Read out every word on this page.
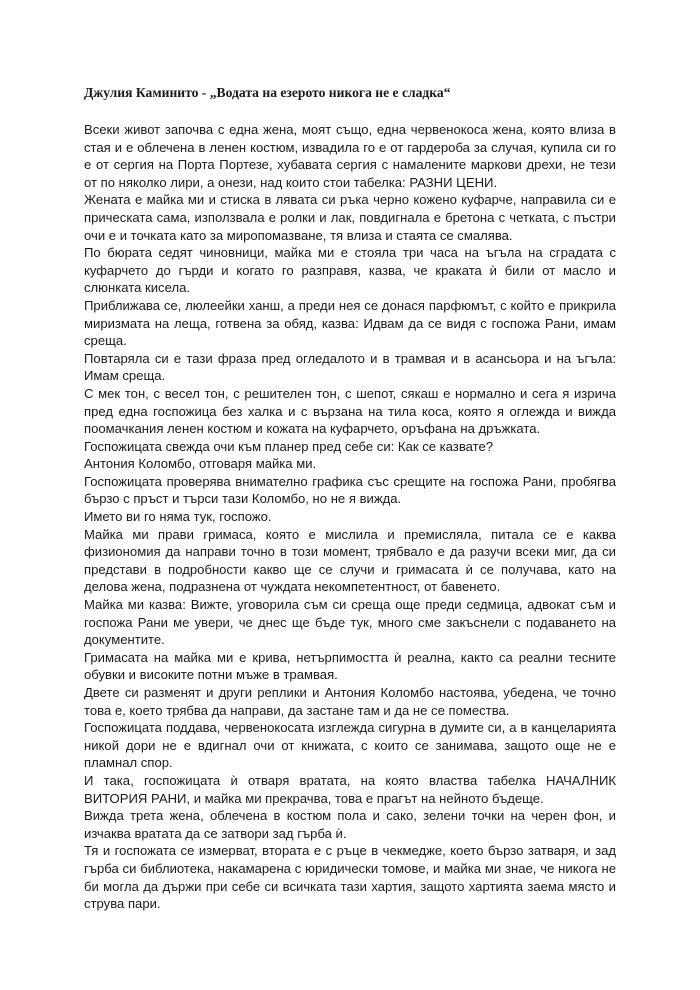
Джулия Каминито - „Водата на езерото никога не е сладка“

Всеки живот започва с една жена, моят също, една червенокоса жена, която влиза в стая и е облечена в ленен костюм, извадила го е от гардероба за случая, купила си го е от сергия на Порта Портезе, хубавата сергия с намалените маркови дрехи, не тези от по няколко лири, а онези, над които стои табелка: РАЗНИ ЦЕНИ.

Жената е майка ми и стиска в лявата си ръка черно кожено куфарче, направила си е прическата сама, използвала е ролки и лак, повдигнала е бретона с четката, с пъстри очи е и точката като за миропомазване, тя влиза и стаята се смалява.

По бюрата седят чиновници, майка ми е стояла три часа на ъгъла на сградата с куфарчето до гърди и когато го разправя, казва, че краката ѝ били от масло и слюнката кисела.

Приближава се, люлеейки ханш, а преди нея се донася парфюмът, с който е прикрила миризмата на леща, готвена за обяд, казва: Идвам да се видя с госпожа Рани, имам среща.

Повтаряла си е тази фраза пред огледалото и в трамвая и в асансьора и на ъгъла: Имам среща.

С мек тон, с весел тон, с решителен тон, с шепот, сякаш е нормално и сега я изрича пред една госпожица без халка и с вързана на тила коса, която я оглежда и вижда поомачкания ленен костюм и кожата на куфарчето, оръфана на дръжката.

Госпожицата свежда очи към планер пред себе си: Как се казвате?

Антония Коломбо, отговаря майка ми.

Госпожицата проверява внимателно графика със срещите на госпожа Рани, пробягва бързо с пръст и търси тази Коломбо, но не я вижда.

Името ви го няма тук, госпожо.

Майка ми прави гримаса, която е мислила и премисляла, питала се е каква физиономия да направи точно в този момент, трябвало е да разучи всеки миг, да си представи в подробности какво ще се случи и гримасата ѝ се получава, като на делова жена, подразнена от чуждата некомпетентност, от бавенето.

Майка ми казва: Вижте, уговорила съм си среща още преди седмица, адвокат съм и госпожа Рани ме увери, че днес ще бъде тук, много сме закъснели с подаването на документите.

Гримасата на майка ми е крива, нетърпимостта ѝ реална, както са реални тесните обувки и високите потни мъже в трамвая.

Двете си разменят и други реплики и Антония Коломбо настоява, убедена, че точно това е, което трябва да направи, да застане там и да не се помества.

Госпожицата поддава, червенокосата изглежда сигурна в думите си, а в канцеларията никой дори не е вдигнал очи от книжата, с които се занимава, защото още не е пламнал спор.

И така, госпожицата ѝ отваря вратата, на която властва табелка НАЧАЛНИК ВИТОРИЯ РАНИ, и майка ми прекрачва, това е прагът на нейното бъдеще.

Вижда трета жена, облечена в костюм пола и сако, зелени точки на черен фон, и изчаква вратата да се затвори зад гърба ѝ.

Тя и госпожата се измерват, втората е с ръце в чекмедже, което бързо затваря, и зад гърба си библиотека, накамарена с юридически томове, и майка ми знае, че никога не би могла да държи при себе си всичката тази хартия, защото хартията заема място и струва пари.
